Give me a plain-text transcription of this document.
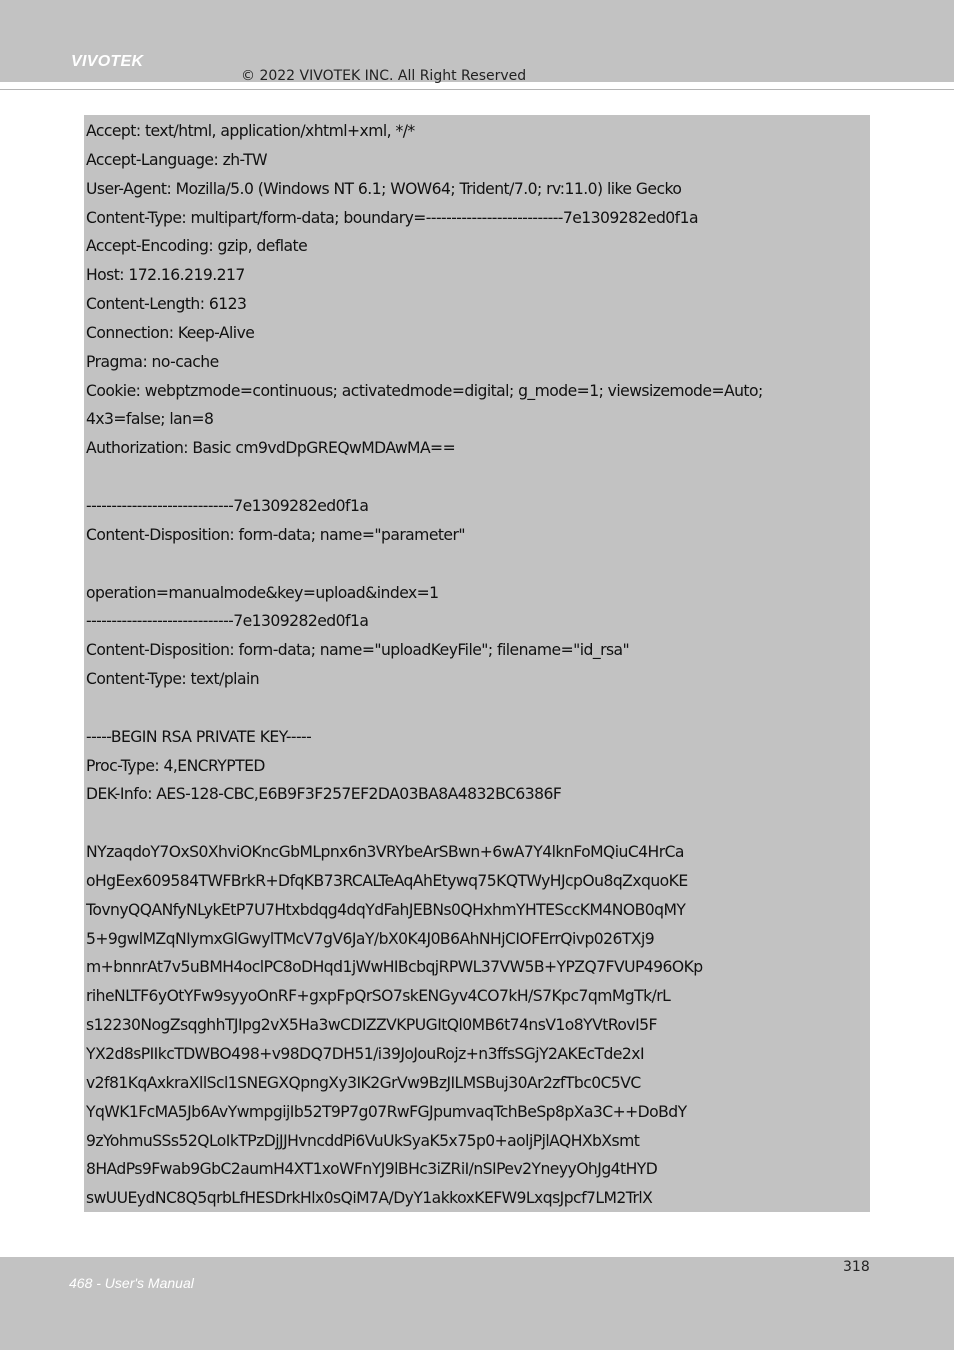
VIVOTEK
© 2022 VIVOTEK INC. All Right Reserved
Accept: text/html, application/xhtml+xml, */*
Accept-Language: zh-TW
User-Agent: Mozilla/5.0 (Windows NT 6.1; WOW64; Trident/7.0; rv:11.0) like Gecko
Content-Type: multipart/form-data; boundary=---------------------------7e1309282ed0f1a
Accept-Encoding: gzip, deflate
Host: 172.16.219.217
Content-Length: 6123
Connection: Keep-Alive
Pragma: no-cache
Cookie: webptzmode=continuous; activatedmode=digital; g_mode=1; viewsizemode=Auto;
4x3=false; lan=8
Authorization: Basic cm9vdDpGREQwMDAwMA==
-----------------------------7e1309282ed0f1a
Content-Disposition: form-data; name="parameter"
operation=manualmode&key=upload&index=1
-----------------------------7e1309282ed0f1a
Content-Disposition: form-data; name="uploadKeyFile"; filename="id_rsa"
Content-Type: text/plain
-----BEGIN RSA PRIVATE KEY-----
Proc-Type: 4,ENCRYPTED
DEK-Info: AES-128-CBC,E6B9F3F257EF2DA03BA8A4832BC6386F
NYzaqdoY7OxS0XhviOKncGbMLpnx6n3VRYbeArSBwn+6wA7Y4lknFoMQiuC4HrCa
oHgEex609584TWFBrkR+DfqKB73RCALTeAqAhEtywq75KQTWyHJcpOu8qZxquoKE
TovnyQQANfyNLykEtP7U7Htxbdqg4dqYdFahJEBNs0QHxhmYHTESccKM4NOB0qMY
5+9gwlMZqNIymxGlGwylTMcV7gV6JaY/bX0K4J0B6AhNHjCIOFErrQivp026TXj9
m+bnnrAt7v5uBMH4oclPC8oDHqd1jWwHIBcbqjRPWL37VW5B+YPZQ7FVUP496OKp
riheNLTF6yOtYFw9syyoOnRF+gxpFpQrSO7skENGyv4CO7kH/S7Kpc7qmMgTk/rL
s12230NogZsqghhTJIpg2vX5Ha3wCDIZZVKPUGItQl0MB6t74nsV1o8YVtRovI5F
YX2d8sPIIkcTDWBO498+v98DQ7DH51/i39JoJouRojz+n3ffsSGjY2AKEcTde2xI
v2f81KqAxkraXllScl1SNEGXQpngXy3IK2GrVw9BzJILMSBuj30Ar2zfTbc0C5VC
YqWK1FcMA5Jb6AvYwmpgijIb52T9P7g07RwFGJpumvaqTchBeSp8pXa3C++DoBdY
9zYohmuSSs52QLoIkTPzDjJJHvncddPi6VuUkSyaK5x75p0+aoljPjlAQHXbXsmt
8HAdPs9Fwab9GbC2aumH4XT1xoWFnYJ9lBHc3iZRiI/nSIPev2YneyyOhJg4tHYD
swUUEydNC8Q5qrbLfHESDrkHlx0sQiM7A/DyY1akkoxKEFW9LxqsJpcf7LM2TrlX
318
468 - User's Manual
